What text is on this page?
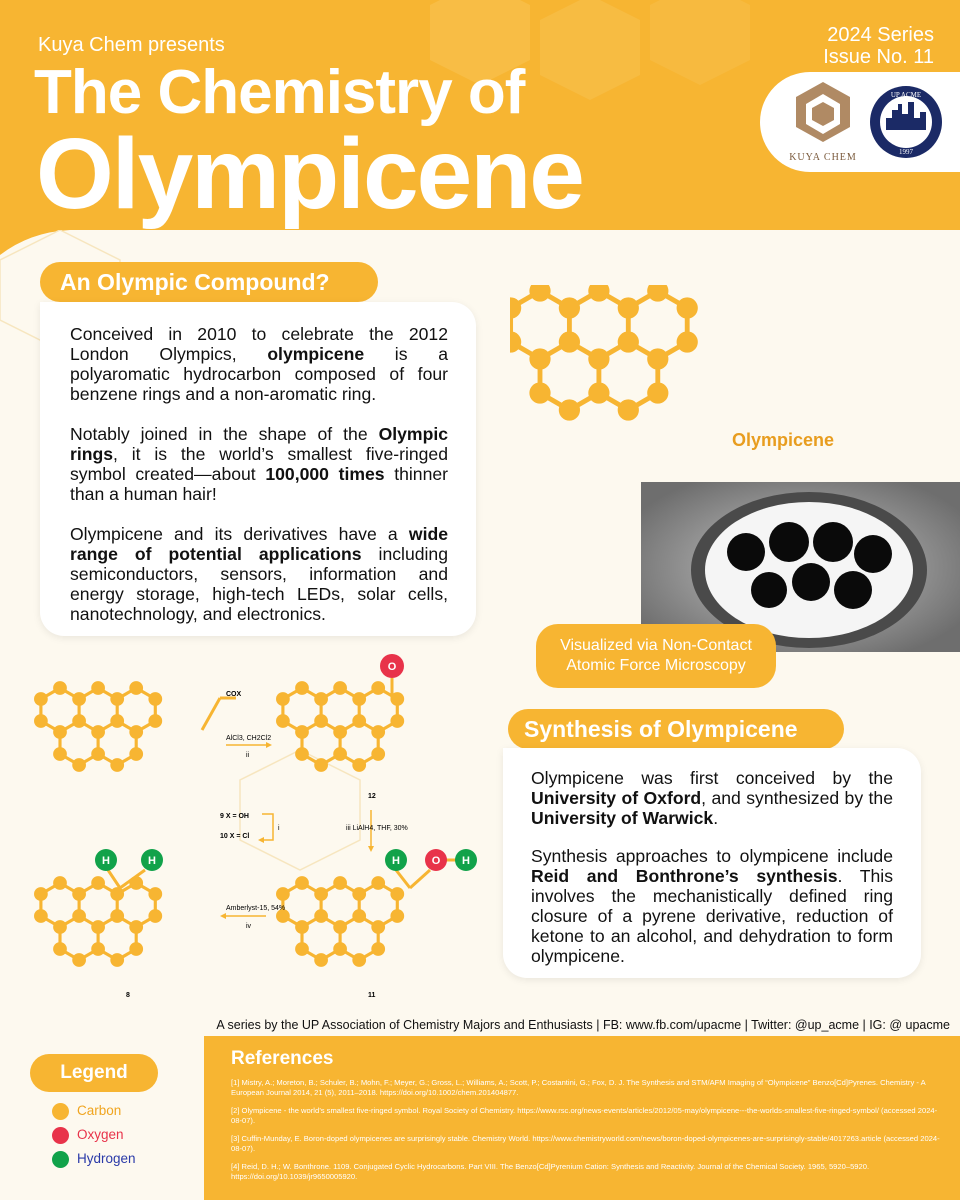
Kuya Chem presents
The Chemistry of
Olympicene
2024 Series
Issue No. 11
KUYA CHEM
UP ACME
1997
An Olympic Compound?
Conceived in 2010 to celebrate the 2012 London Olympics, olympicene is a polyaromatic hydrocarbon composed of four benzene rings and a non-aromatic ring.
Notably joined in the shape of the Olympic rings, it is the world’s smallest five-ringed symbol created—about 100,000 times thinner than a human hair!
Olympicene and its derivatives have a wide range of potential applications including semiconductors, sensors, information and energy storage, high-tech LEDs, solar cells, nanotechnology, and electronics.
Olympicene
Visualized via Non-Contact Atomic Force Microscopy
Synthesis of Olympicene
Olympicene was first conceived by the University of Oxford, and synthesized by the University of Warwick.
Synthesis approaches to olympicene include Reid and Bonthrone’s synthesis. This involves the mechanistically defined ring closure of a pyrene derivative, reduction of ketone to an alcohol, and dehydration to form olympicene.
COX
AlCl3, CH2Cl2
ii
9 X = OH
10 X = Cl
i	iii LiAlH4, THF, 30%
Amberlyst-15, 54%
iv
12
8	11
O
H	H	H	O H
A series by the UP Association of Chemistry Majors and Enthusiasts | FB: www.fb.com/upacme | Twitter: @up_acme | IG: @ upacme
References
[1] Mistry, A.; Moreton, B.; Schuler, B.; Mohn, F.; Meyer, G.; Gross, L.; Williams, A.; Scott, P.; Costantini, G.; Fox, D. J. The Synthesis and STM/AFM Imaging of “Olympicene” Benzo[Cd]Pyrenes. Chemistry - A European Journal 2014, 21 (5), 2011–2018. https://doi.org/10.1002/chem.201404877.
[2] Olympicene - the world’s smallest five-ringed symbol. Royal Society of Chemistry. https://www.rsc.org/news-events/articles/2012/05-may/olympicene---the-worlds-smallest-five-ringed-symbol/ (accessed 2024-08-07).
[3] Cuffin-Munday, E. Boron-doped olympicenes are surprisingly stable. Chemistry World. https://www.chemistryworld.com/news/boron-doped-olympicenes-are-surprisingly-stable/4017263.article (accessed 2024-08-07).
[4] Reid, D. H.; W. Bonthrone. 1109. Conjugated Cyclic Hydrocarbons. Part VIII. The Benzo[Cd]Pyrenium Cation: Synthesis and Reactivity. Journal of the Chemical Society. 1965, 5920–5920. https://doi.org/10.1039/jr9650005920.
Legend
Carbon
Oxygen
Hydrogen
